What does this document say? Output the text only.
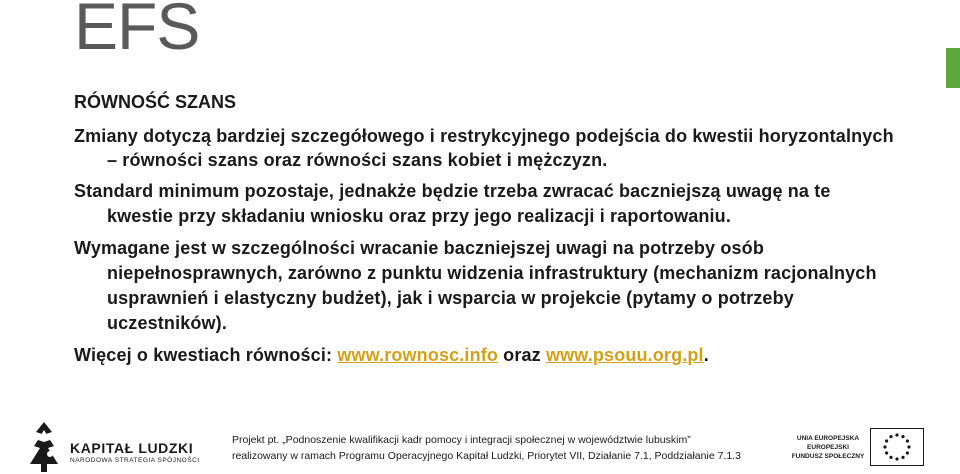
EFS
RÓWNOŚĆ SZANS
Zmiany dotyczą bardziej szczegółowego i restrykcyjnego podejścia do kwestii horyzontalnych – równości szans oraz równości szans kobiet i mężczyzn.
Standard minimum pozostaje, jednakże będzie trzeba zwracać baczniejszą uwagę na te kwestie przy składaniu wniosku oraz przy jego realizacji i raportowaniu.
Wymagane jest w szczególności wracanie baczniejszej uwagi na potrzeby osób niepełnosprawnych, zarówno z punktu widzenia infrastruktury (mechanizm racjonalnych usprawnień i elastyczny budżet), jak i wsparcia w projekcie (pytamy o potrzeby uczestników).
Więcej o kwestiach równości: www.rownosc.info oraz www.psouu.org.pl.
KAPITAŁ LUDZKI
NARODOWA STRATEGIA SPÓJNOŚCI
Projekt pt. „Podnoszenie kwalifikacji kadr pomocy i integracji społecznej w województwie lubuskim”
realizowany w ramach Programu Operacyjnego Kapitał Ludzki, Priorytet VII, Działanie 7.1, Poddziałanie 7.1.3
UNIA EUROPEJSKA
EUROPEJSKI
FUNDUSZ SPOŁECZNY
